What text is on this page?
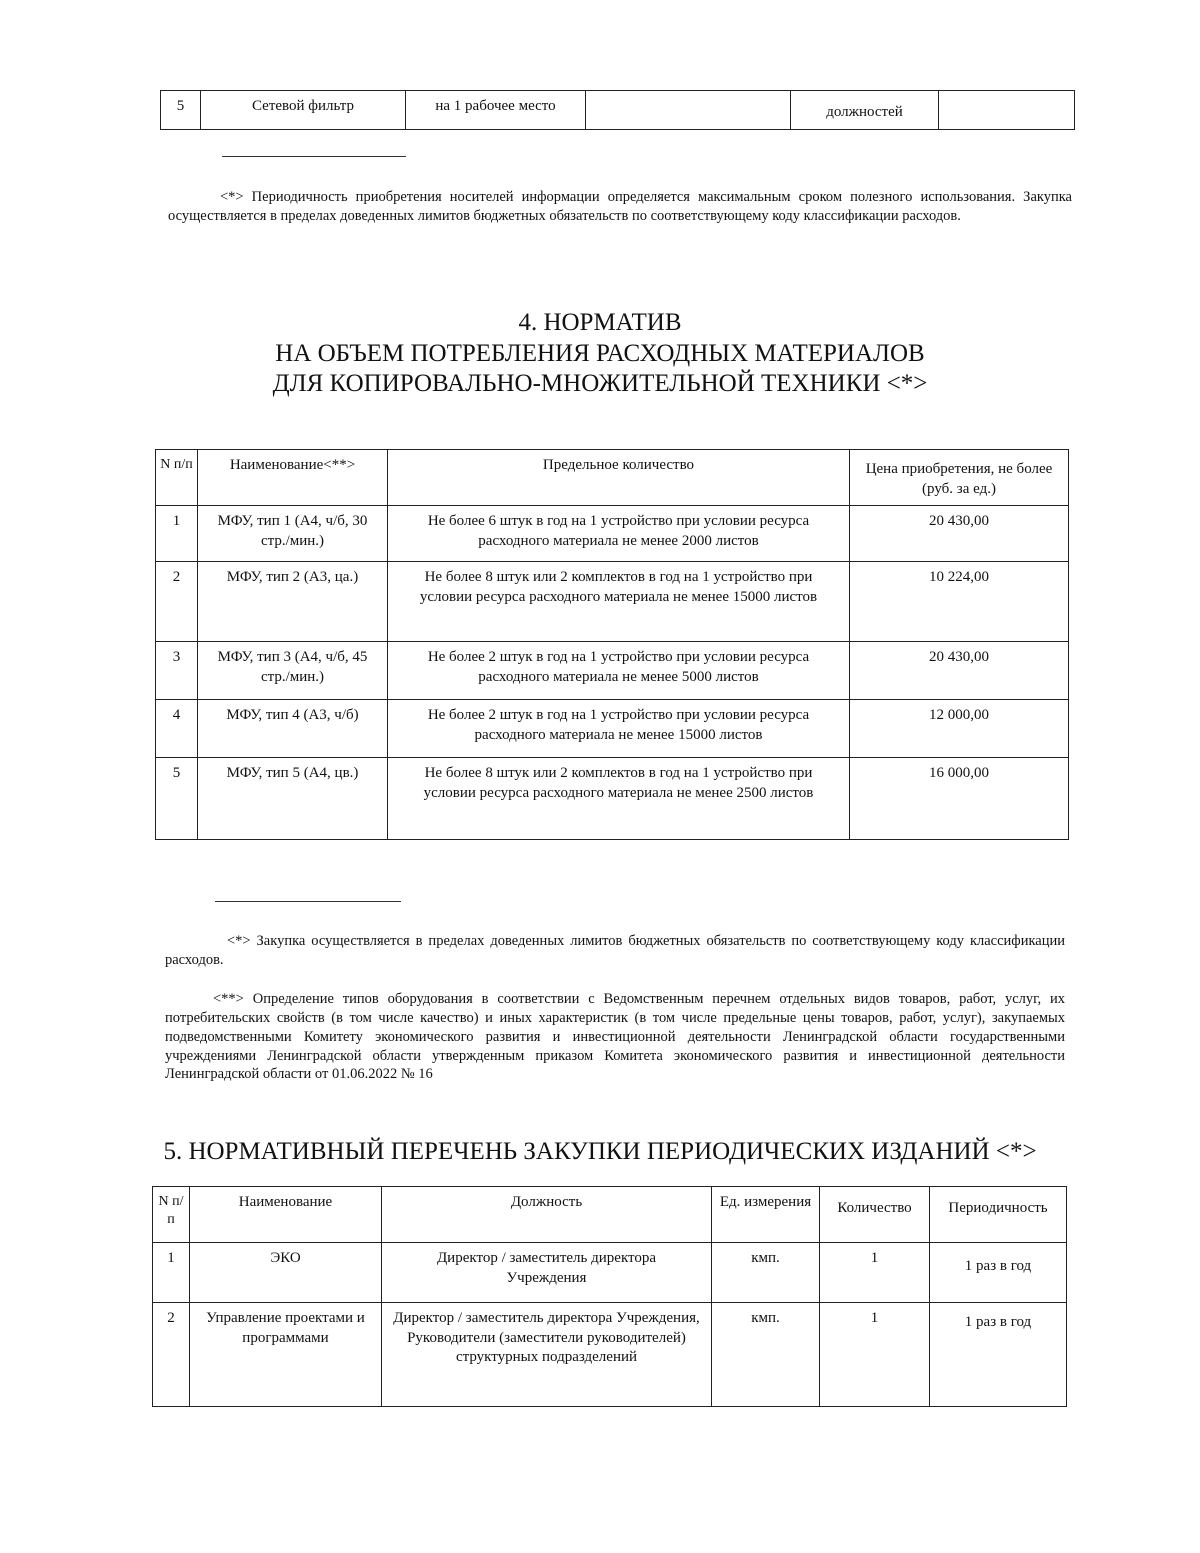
5	Сетевой фильтр	на 1 рабочее место		должностей	
<*> Периодичность приобретения носителей информации определяется максимальным сроком полезного использования. Закупка осуществляется в пределах доведенных лимитов бюджетных обязательств по соответствующему коду классификации расходов.
4. НОРМАТИВ
НА ОБЪЕМ ПОТРЕБЛЕНИЯ РАСХОДНЫХ МАТЕРИАЛОВ
ДЛЯ КОПИРОВАЛЬНО-МНОЖИТЕЛЬНОЙ ТЕХНИКИ <*>
N п/п	Наименование<**>	Предельное количество	Цена приобретения, не более (руб. за ед.)
1	МФУ, тип 1 (А4, ч/б, 30 стр./мин.)	Не более 6 штук в год на 1 устройство при условии ресурса расходного материала не менее 2000 листов	20 430,00
2	МФУ, тип 2 (А3, ца.)	Не более 8 штук или 2 комплектов в год на 1 устройство при условии ресурса расходного материала не менее 15000 листов	10 224,00
3	МФУ, тип 3 (А4, ч/б, 45 стр./мин.)	Не более 2 штук в год на 1 устройство при условии ресурса расходного материала не менее 5000 листов	20 430,00
4	МФУ, тип 4 (А3, ч/б)	Не более 2 штук в год на 1 устройство при условии ресурса расходного материала не менее 15000 листов	12 000,00
5	МФУ, тип 5 (А4, цв.)	Не более 8 штук или 2 комплектов в год на 1 устройство при условии ресурса расходного материала не менее 2500 листов	16 000,00
<*> Закупка осуществляется в пределах доведенных лимитов бюджетных обязательств по соответствующему коду классификации расходов.
<**> Определение типов оборудования в соответствии с Ведомственным перечнем отдельных видов товаров, работ, услуг, их потребительских свойств (в том числе качество) и иных характеристик (в том числе предельные цены товаров, работ, услуг), закупаемых подведомственными Комитету экономического развития и инвестиционной деятельности Ленинградской области государственными учреждениями Ленинградской области утвержденным приказом Комитета экономического развития и инвестиционной деятельности Ленинградской области от 01.06.2022 № 16
5. НОРМАТИВНЫЙ ПЕРЕЧЕНЬ ЗАКУПКИ ПЕРИОДИЧЕСКИХ ИЗДАНИЙ <*>
N п/п	Наименование	Должность	Ед. измерения	Количество	Периодичность
1	ЭКО	Директор / заместитель директора Учреждения	кмп.	1	1 раз в год
2	Управление проектами и программами	Директор / заместитель директора Учреждения, Руководители (заместители руководителей) структурных подразделений	кмп.	1	1 раз в год
